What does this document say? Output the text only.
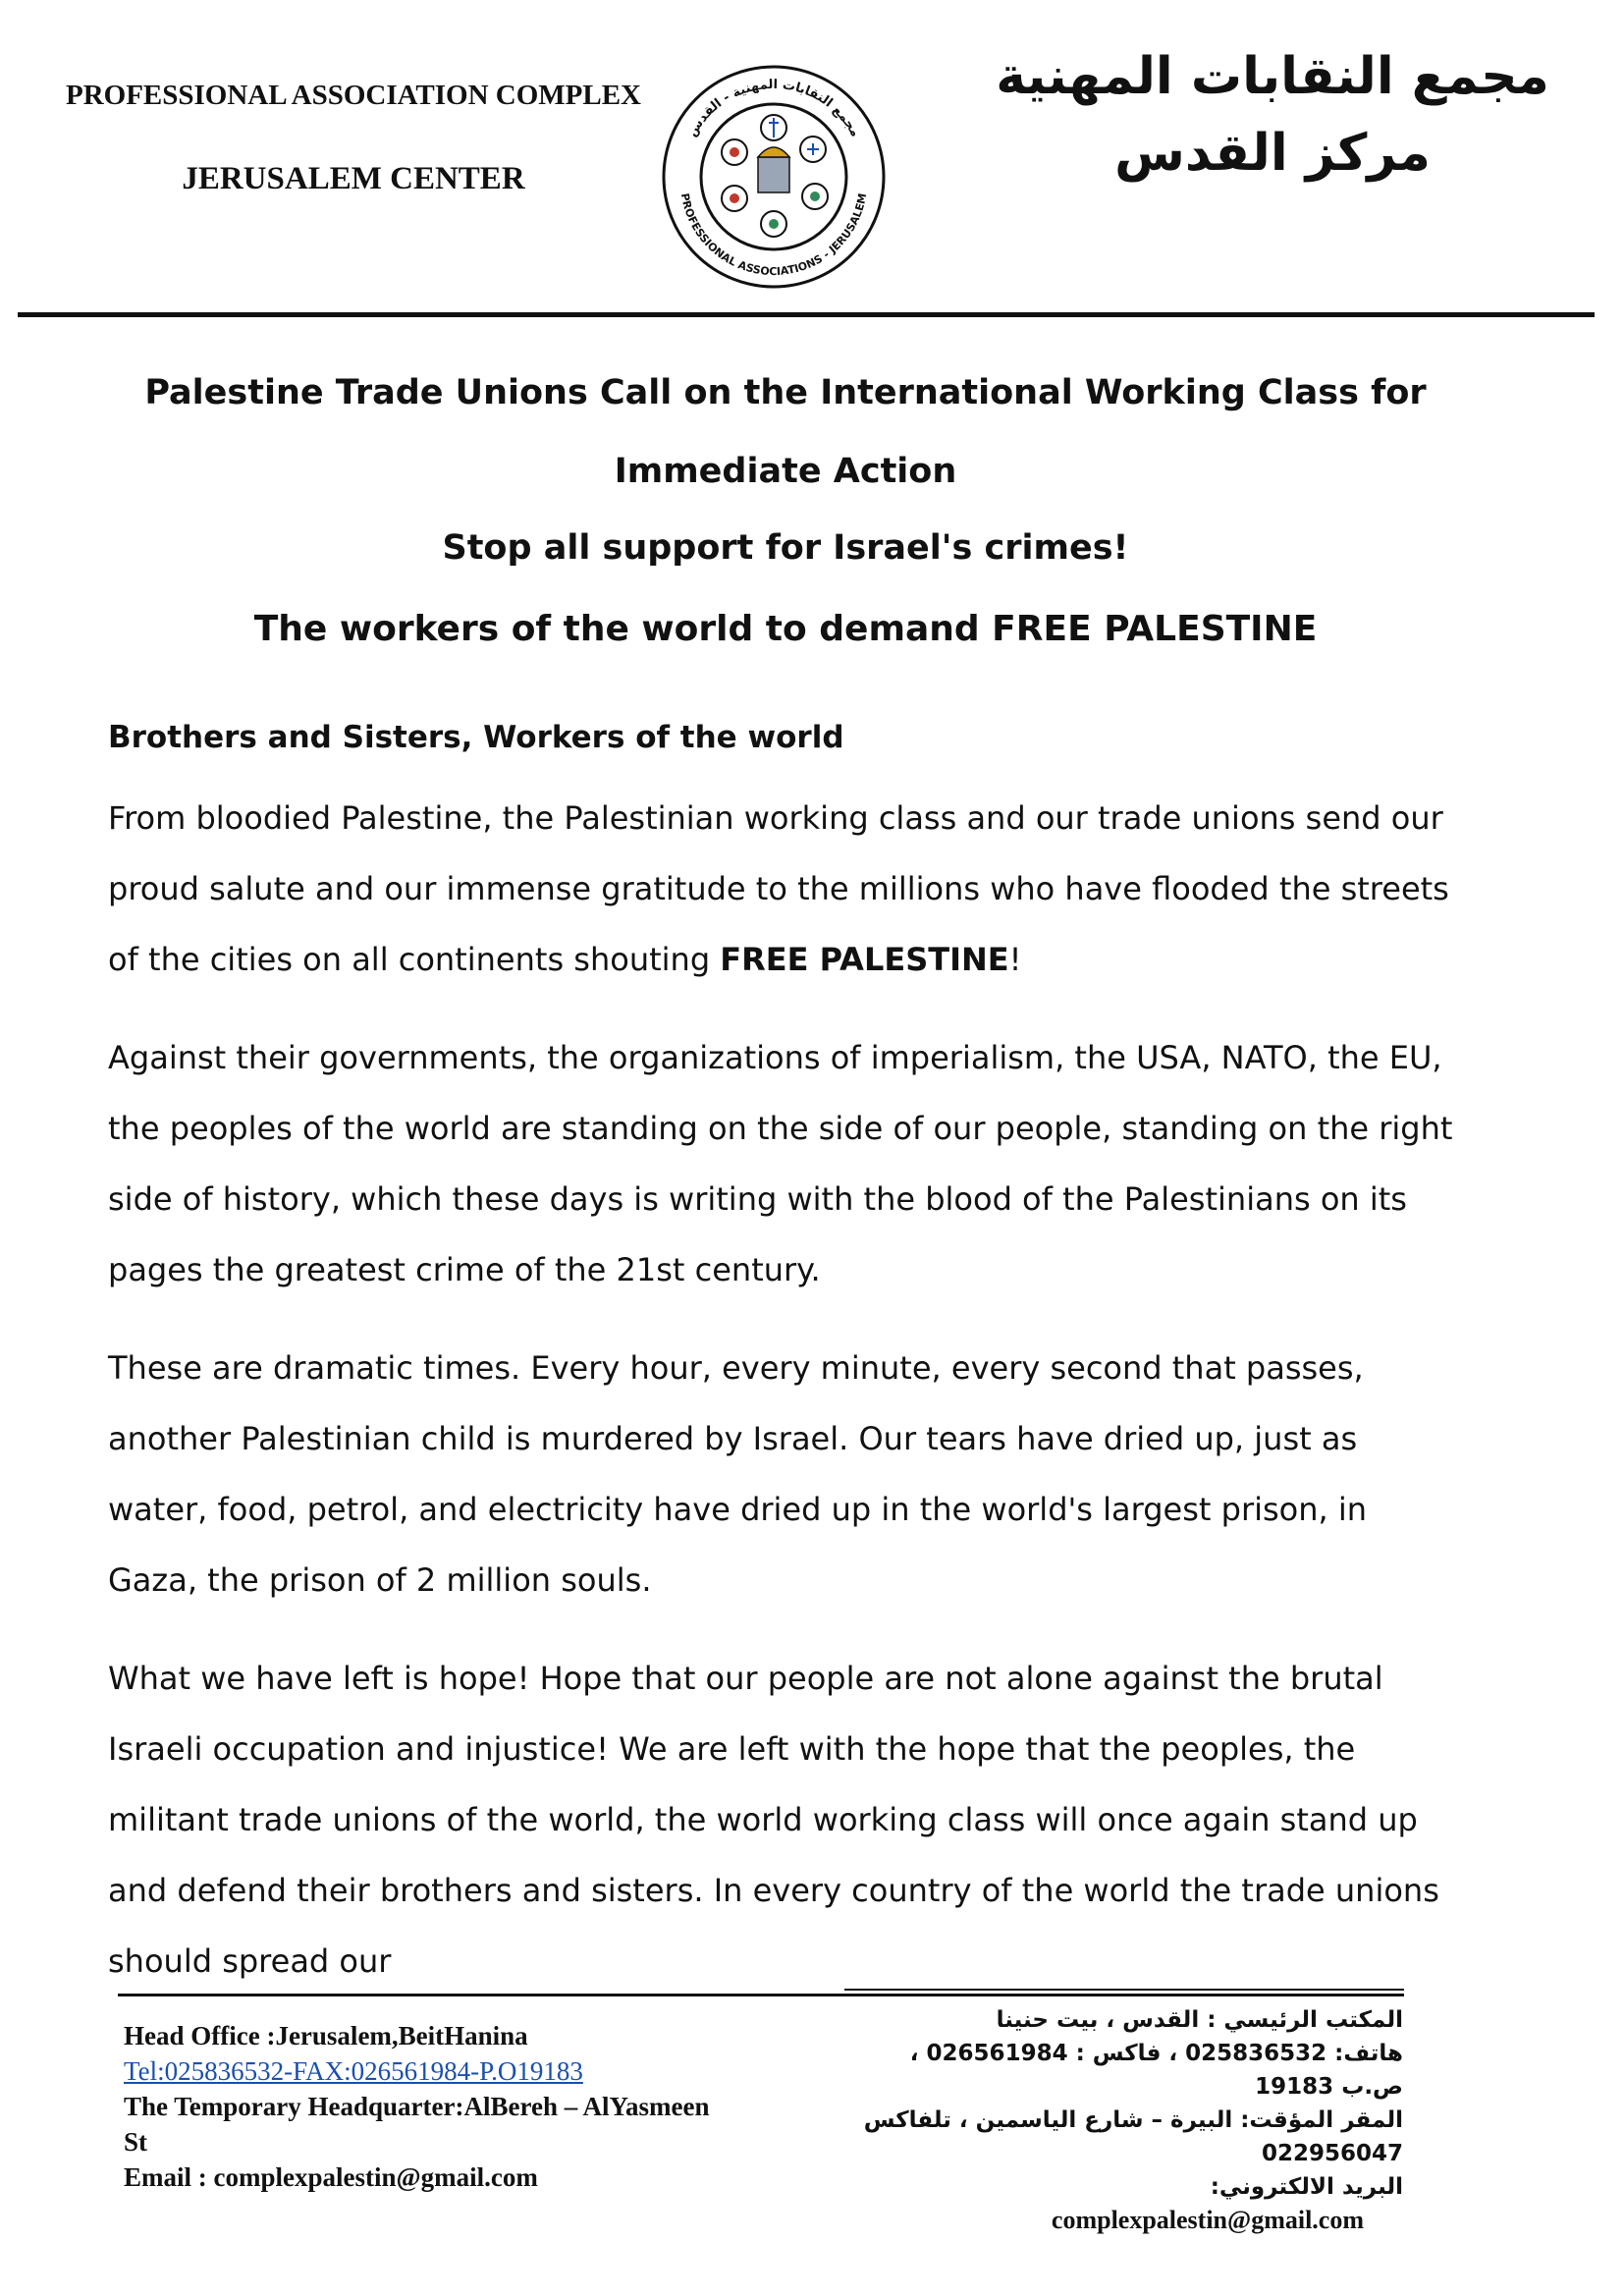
PROFESSIONAL ASSOCIATION COMPLEX
JERUSALEM CENTER
مجمع النقابات المهنية - القدس
PROFESSIONAL ASSOCIATIONS - JERUSALEM
مجمع النقابات المهنية
مركز القدس
Palestine Trade Unions Call on the International Working Class for Immediate Action
Stop all support for Israel's crimes!
The workers of the world to demand FREE PALESTINE

Brothers and Sisters, Workers of the world

From bloodied Palestine, the Palestinian working class and our trade unions send our proud salute and our immense gratitude to the millions who have flooded the streets of the cities on all continents shouting FREE PALESTINE!

Against their governments, the organizations of imperialism, the USA, NATO, the EU, the peoples of the world are standing on the side of our people, standing on the right side of history, which these days is writing with the blood of the Palestinians on its pages the greatest crime of the 21st century.

These are dramatic times. Every hour, every minute, every second that passes, another Palestinian child is murdered by Israel. Our tears have dried up, just as water, food, petrol, and electricity have dried up in the world's largest prison, in Gaza, the prison of 2 million souls.

What we have left is hope! Hope that our people are not alone against the brutal Israeli occupation and injustice! We are left with the hope that the peoples, the militant trade unions of the world, the world working class will once again stand up and defend their brothers and sisters. In every country of the world the trade unions should spread our

Head Office :Jerusalem,BeitHanina
Tel:025836532-FAX:026561984-P.O19183
The Temporary Headquarter:AlBereh – AlYasmeen St
Email : complexpalestin@gmail.com
المكتب الرئيسي : القدس ، بيت حنينا
هاتف: 025836532 ، فاكس : 026561984 ، ص.ب 19183
المقر المؤقت: البيرة – شارع الياسمين ، تلفاكس 022956047
البريد الالكتروني: complexpalestin@gmail.com
